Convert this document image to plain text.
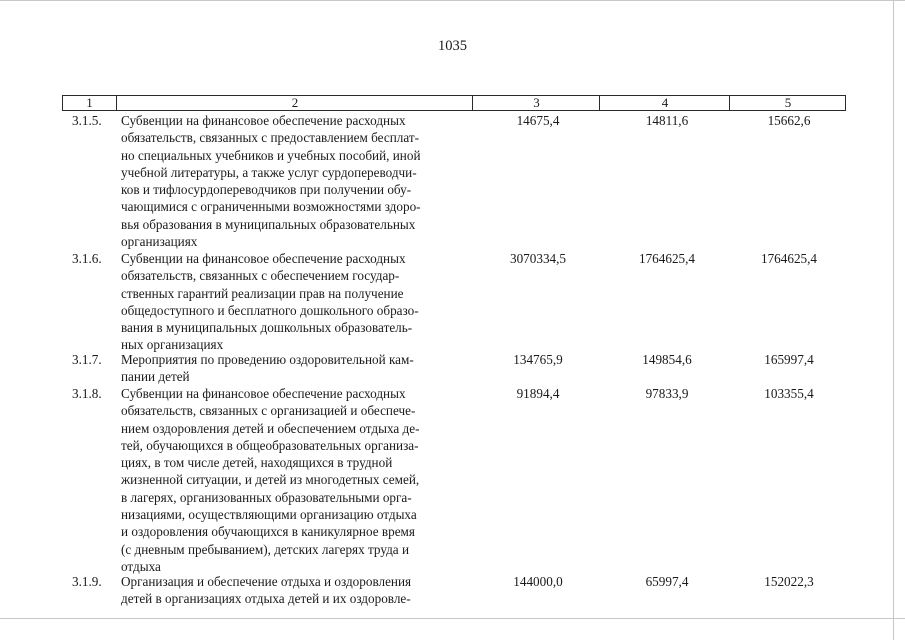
1035
1	2	3	4	5
3.1.5.	Субвенции на финансовое обеспечение расходных
обязательств, связанных с предоставлением бесплат-
но специальных учебников и учебных пособий, иной
учебной литературы, а также услуг сурдопереводчи-
ков и тифлосурдопереводчиков при получении обу-
чающимися с ограниченными возможностями здоро-
вья образования в муниципальных образовательных
организациях
14675,4	14811,6	15662,6
3.1.6.	Субвенции на финансовое обеспечение расходных
обязательств, связанных с обеспечением государ-
ственных гарантий реализации прав на получение
общедоступного и бесплатного дошкольного образо-
вания в муниципальных дошкольных образователь-
ных организациях
3070334,5	1764625,4	1764625,4
3.1.7.	Мероприятия по проведению оздоровительной кам-
пании детей
134765,9	149854,6	165997,4
3.1.8.	Субвенции на финансовое обеспечение расходных
обязательств, связанных с организацией и обеспече-
нием оздоровления детей и обеспечением отдыха де-
тей, обучающихся в общеобразовательных организа-
циях, в том числе детей, находящихся в трудной
жизненной ситуации, и детей из многодетных семей,
в лагерях, организованных образовательными орга-
низациями, осуществляющими организацию отдыха
и оздоровления обучающихся в каникулярное время
(с дневным пребыванием), детских лагерях труда и
отдыха
91894,4	97833,9	103355,4
3.1.9.	Организация и обеспечение отдыха и оздоровления
детей в организациях отдыха детей и их оздоровле-
144000,0	65997,4	152022,3
